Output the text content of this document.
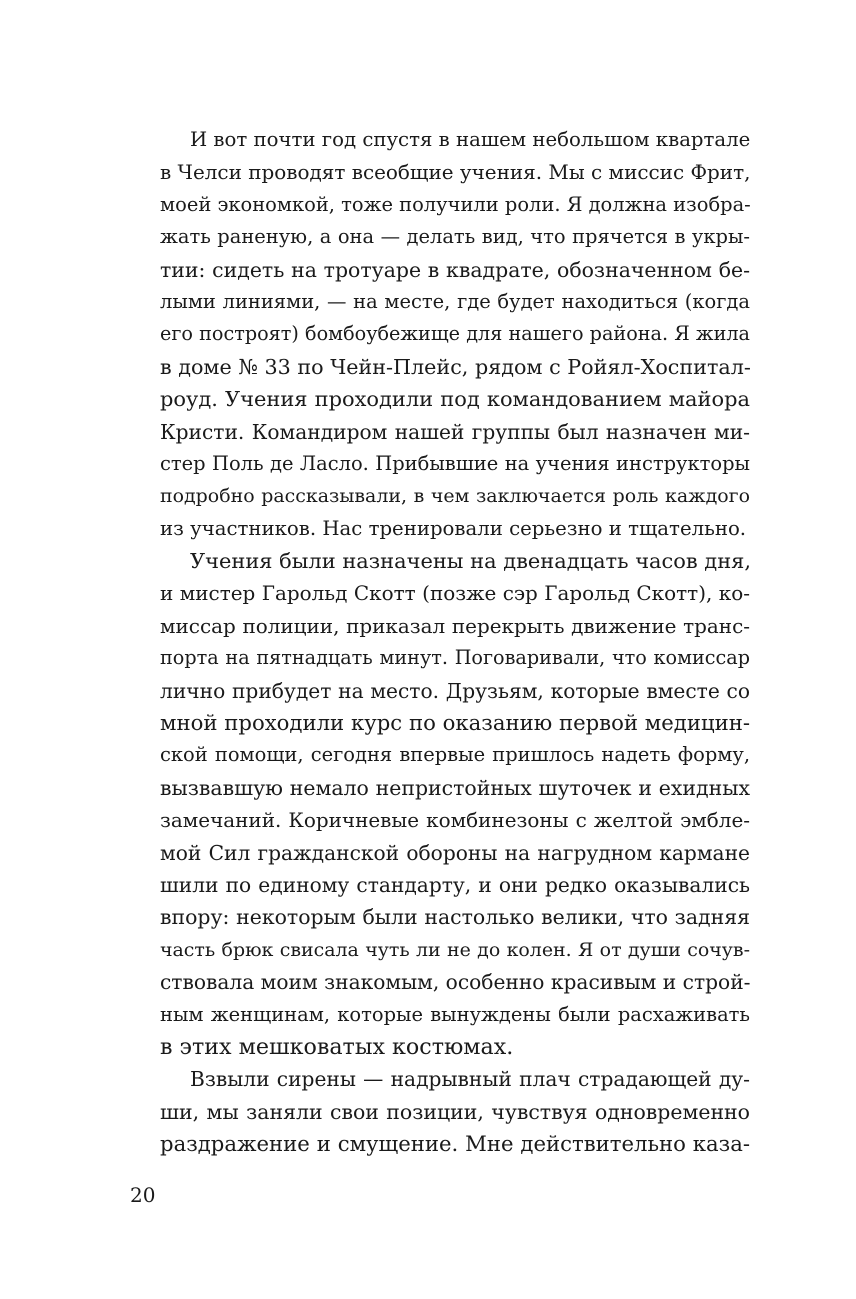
И вот почти год спустя в нашем небольшом квартале
в Челси проводят всеобщие учения. Мы с миссис Фрит,
моей экономкой, тоже получили роли. Я должна изобра-
жать раненую, а она — делать вид, что прячется в укры-
тии: сидеть на тротуаре в квадрате, обозначенном бе-
лыми линиями, — на месте, где будет находиться (когда
его построят) бомбоубежище для нашего района. Я жила
в доме № 33 по Чейн-Плейс, рядом с Ройял-Хоспитал-
роуд. Учения проходили под командованием майора
Кристи. Командиром нашей группы был назначен ми-
стер Поль де Ласло. Прибывшие на учения инструкторы
подробно рассказывали, в чем заключается роль каждого
из участников. Нас тренировали серьезно и тщательно.
Учения были назначены на двенадцать часов дня,
и мистер Гарольд Скотт (позже сэр Гарольд Скотт), ко-
миссар полиции, приказал перекрыть движение транс-
порта на пятнадцать минут. Поговаривали, что комиссар
лично прибудет на место. Друзьям, которые вместе со
мной проходили курс по оказанию первой медицин-
ской помощи, сегодня впервые пришлось надеть форму,
вызвавшую немало непристойных шуточек и ехидных
замечаний. Коричневые комбинезоны с желтой эмбле-
мой Сил гражданской обороны на нагрудном кармане
шили по единому стандарту, и они редко оказывались
впору: некоторым были настолько велики, что задняя
часть брюк свисала чуть ли не до колен. Я от души сочув-
ствовала моим знакомым, особенно красивым и строй-
ным женщинам, которые вынуждены были расхаживать
в этих мешковатых костюмах.
Взвыли сирены — надрывный плач страдающей ду-
ши, мы заняли свои позиции, чувствуя одновременно
раздражение и смущение. Мне действительно каза-
20
